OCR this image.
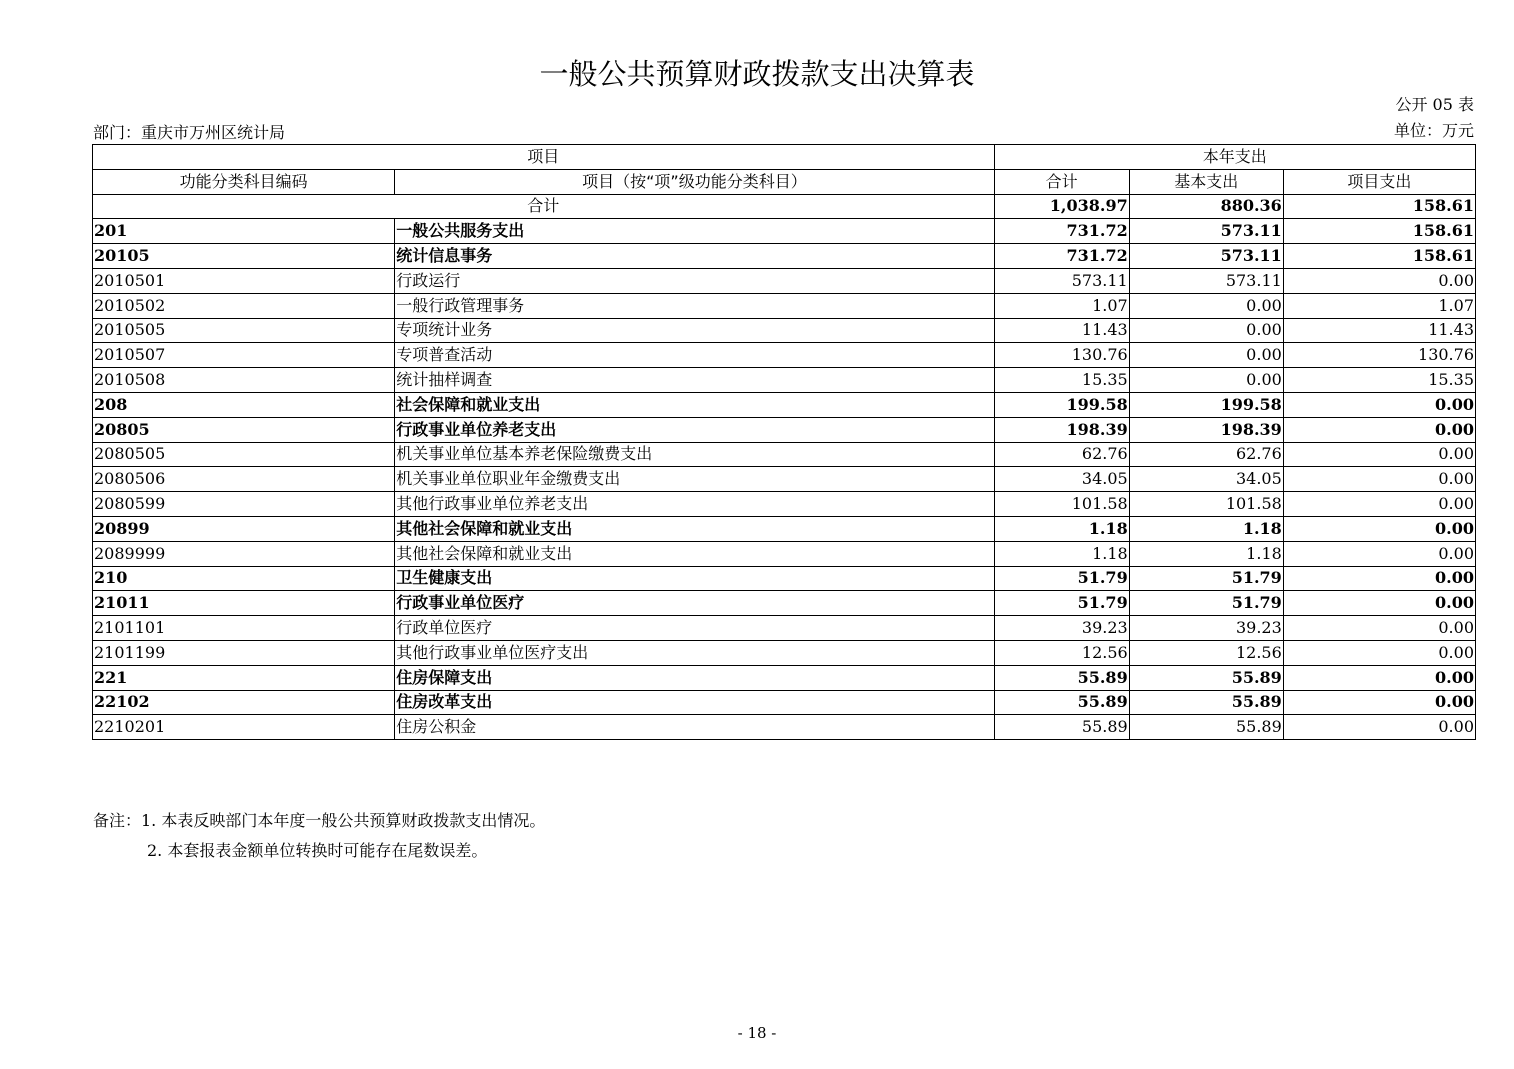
一般公共预算财政拨款支出决算表
公开 05 表
部门：重庆市万州区统计局	单位：万元
项目		本年支出		
功能分类科目编码	项目（按“项”级功能分类科目）	合计	基本支出	项目支出
合计		1,038.97	880.36	158.61
201	一般公共服务支出	731.72	573.11	158.61
20105	统计信息事务	731.72	573.11	158.61
2010501	行政运行	573.11	573.11	0.00
2010502	一般行政管理事务	1.07	0.00	1.07
2010505	专项统计业务	11.43	0.00	11.43
2010507	专项普查活动	130.76	0.00	130.76
2010508	统计抽样调查	15.35	0.00	15.35
208	社会保障和就业支出	199.58	199.58	0.00
20805	行政事业单位养老支出	198.39	198.39	0.00
2080505	机关事业单位基本养老保险缴费支出	62.76	62.76	0.00
2080506	机关事业单位职业年金缴费支出	34.05	34.05	0.00
2080599	其他行政事业单位养老支出	101.58	101.58	0.00
20899	其他社会保障和就业支出	1.18	1.18	0.00
2089999	其他社会保障和就业支出	1.18	1.18	0.00
210	卫生健康支出	51.79	51.79	0.00
21011	行政事业单位医疗	51.79	51.79	0.00
2101101	行政单位医疗	39.23	39.23	0.00
2101199	其他行政事业单位医疗支出	12.56	12.56	0.00
221	住房保障支出	55.89	55.89	0.00
22102	住房改革支出	55.89	55.89	0.00
2210201	住房公积金	55.89	55.89	0.00
备注：1. 本表反映部门本年度一般公共预算财政拨款支出情况。
2. 本套报表金额单位转换时可能存在尾数误差。
- 18 -
